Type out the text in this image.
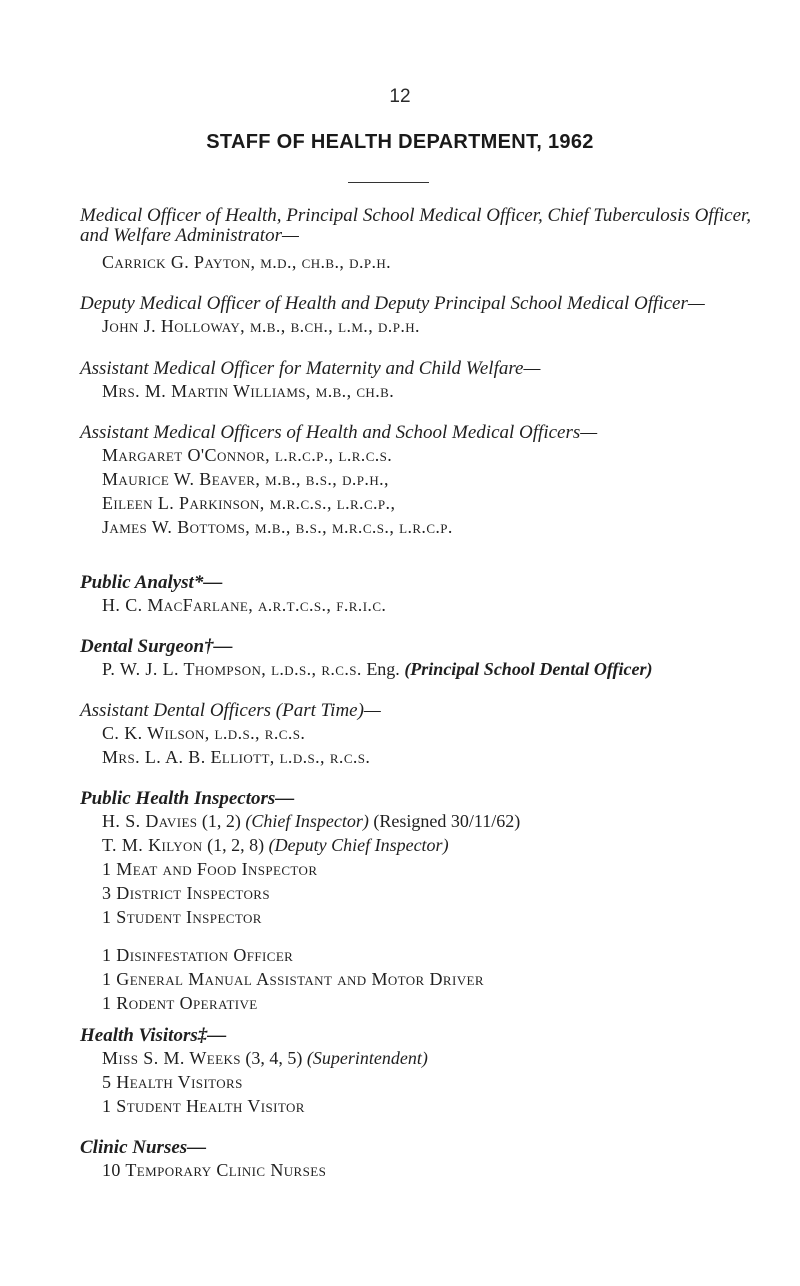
12
STAFF OF HEALTH DEPARTMENT, 1962
Medical Officer of Health, Principal School Medical Officer, Chief Tuberculosis Officer, and Welfare Administrator—
Carrick G. Payton, m.d., ch.b., d.p.h.
Deputy Medical Officer of Health and Deputy Principal School Medical Officer—
John J. Holloway, m.b., b.ch., l.m., d.p.h.
Assistant Medical Officer for Maternity and Child Welfare—
Mrs. M. Martin Williams, m.b., ch.b.
Assistant Medical Officers of Health and School Medical Officers—
Margaret O'Connor, l.r.c.p., l.r.c.s.
Maurice W. Beaver, m.b., b.s., d.p.h.,
Eileen L. Parkinson, m.r.c.s., l.r.c.p.,
James W. Bottoms, m.b., b.s., m.r.c.s., l.r.c.p.
Public Analyst*—
H. C. MacFarlane, a.r.t.c.s., f.r.i.c.
Dental Surgeon†—
P. W. J. L. Thompson, l.d.s., r.c.s. Eng. (Principal School Dental Officer)
Assistant Dental Officers (Part Time)—
C. K. Wilson, l.d.s., r.c.s.
Mrs. L. A. B. Elliott, l.d.s., r.c.s.
Public Health Inspectors—
H. S. Davies (1, 2) (Chief Inspector) (Resigned 30/11/62)
T. M. Kilyon (1, 2, 8) (Deputy Chief Inspector)
1 Meat and Food Inspector
3 District Inspectors
1 Student Inspector
1 Disinfestation Officer
1 General Manual Assistant and Motor Driver
1 Rodent Operative
Health Visitors‡—
Miss S. M. Weeks (3, 4, 5) (Superintendent)
5 Health Visitors
1 Student Health Visitor
Clinic Nurses—
10 Temporary Clinic Nurses
